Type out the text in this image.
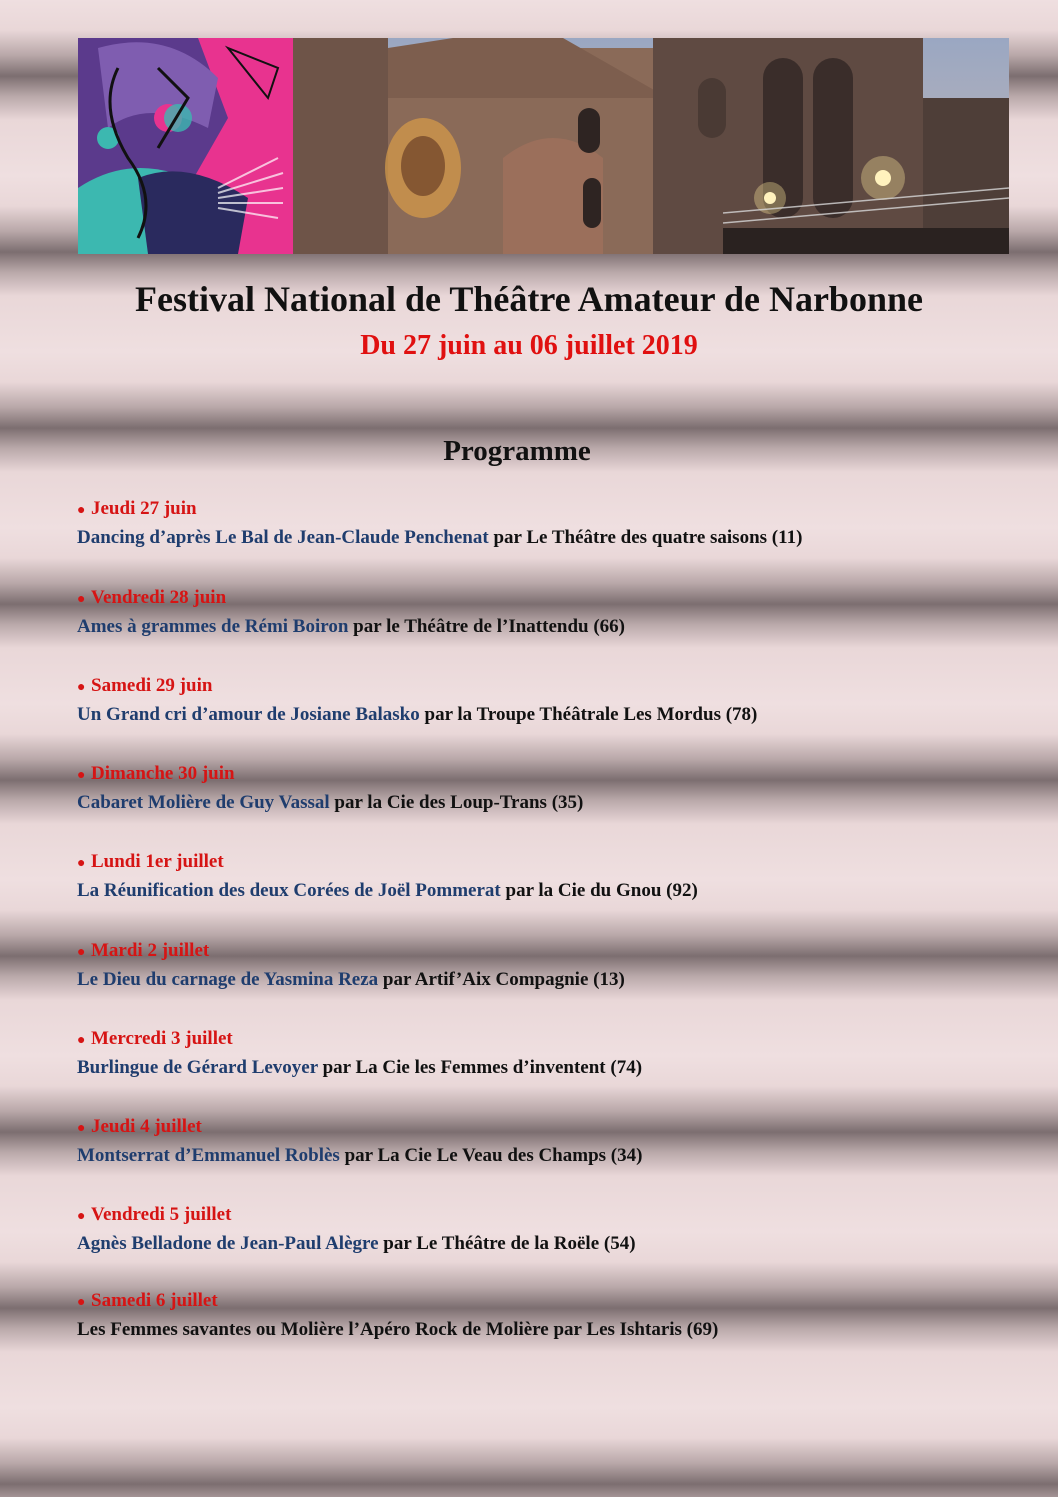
Festival National de Théâtre Amateur de Narbonne

Du 27 juin au 06 juillet 2019

Programme

● Jeudi 27 juin
Dancing d’après Le Bal de Jean-Claude Penchenat par Le Théâtre des quatre saisons (11)
● Vendredi 28 juin
Ames à grammes de Rémi Boiron par le Théâtre de l’Inattendu (66)
● Samedi 29 juin
Un Grand cri d’amour de Josiane Balasko par la Troupe Théâtrale Les Mordus (78)
● Dimanche 30 juin
Cabaret Molière de Guy Vassal par la Cie des Loup-Trans (35)
● Lundi 1er juillet
La Réunification des deux Corées de Joël Pommerat par la Cie du Gnou (92)
● Mardi 2 juillet
Le Dieu du carnage de Yasmina Reza par Artif’Aix Compagnie (13)
● Mercredi 3 juillet
Burlingue de Gérard Levoyer par La Cie les Femmes d’inventent (74)
● Jeudi 4 juillet
Montserrat d’Emmanuel Roblès par La Cie Le Veau des Champs (34)
● Vendredi 5 juillet
Agnès Belladone de Jean-Paul Alègre par Le Théâtre de la Roële (54)
● Samedi 6 juillet
Les Femmes savantes ou Molière l’Apéro Rock de Molière par Les Ishtaris (69)
